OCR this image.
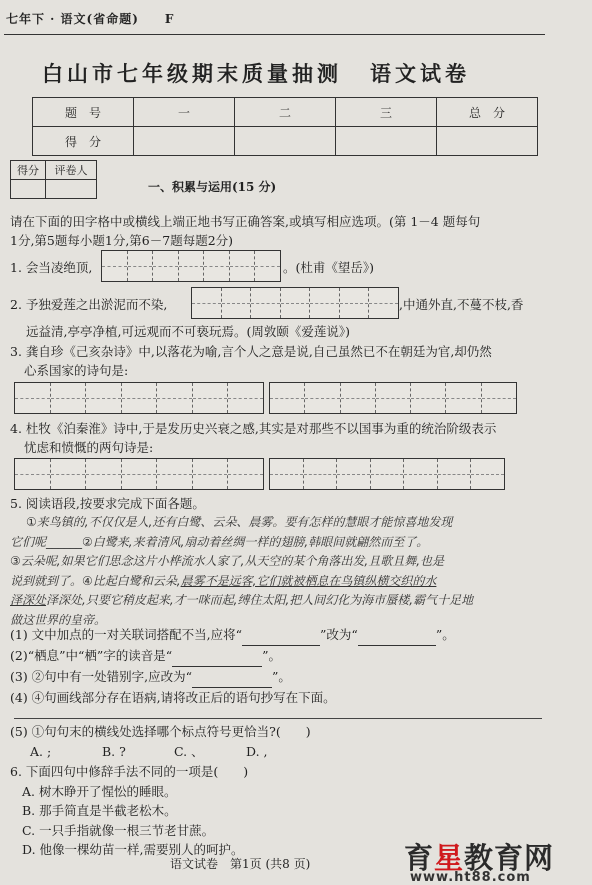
七年下 · 语文(省命题) F
白山市七年级期末质量抽测 语文试卷
题　号	一	二	三	总　分
得　分				
得分	评卷人

一、积累与运用(15 分)
请在下面的田字格中或横线上端正地书写正确答案,或填写相应选项。(第 1－4 题每句
1分,第5题每小题1分,第6－7题每题2分)
1. 会当凌绝顶,	。(杜甫《望岳》)
2. 予独爱莲之出淤泥而不染,	,中通外直,不蔓不枝,香
远益清,亭亭净植,可远观而不可亵玩焉。(周敦颐《爱莲说》)
3. 龚自珍《己亥杂诗》中,以落花为喻,言个人之意是说,自己虽然已不在朝廷为官,却仍然
心系国家的诗句是:
4. 杜牧《泊秦淮》诗中,于是发历史兴衰之感,其实是对那些不以国事为重的统治阶级表示
忧虑和愤慨的两句诗是:
5. 阅读语段,按要求完成下面各题。
①来鸟镇的,不仅仅是人,还有白鹭、云朵、晨雾。要有怎样的慧眼才能惊喜地发现
它们呢______②白鹭来,来着清风,扇动着丝绸一样的翅膀,韩眼间就翩然而至了。
③云朵呢,如果它们思念这片小桦流水人家了,从天空的某个角落出发,且歌且舞,也是
说到就到了。④比起白鹭和云朵,晨雾不是远客,它们就被栖息在鸟镇纵横交织的水
泽深处泽深处,只要它稍皮起来,才一咪而起,缚住太阳,把人间幻化为海市蜃楼,霸气十足地
做这世界的皇帝。
(1) 文中加点的一对关联词搭配不当,应将“	”改为“	”。
(2)“栖息”中“栖”字的读音是“	”。
(3) ②句中有一处错别字,应改为“	”。
(4) ④句画线部分存在语病,请将改正后的语句抄写在下面。
(5) ①句句末的横线处选择哪个标点符号更恰当?(　　)
A. ;	B. ?	C. 、	D. ,
6. 下面四句中修辞手法不同的一项是(　　)
A. 树木睁开了惺忪的睡眼。
B. 那手简直是半截老松木。
C. 一只手指就像一根三节老甘蔗。
D. 他像一棵幼苗一样,需要别人的呵护。
语文试卷　第1页 (共8 页)	育星教育网
www.ht88.com
